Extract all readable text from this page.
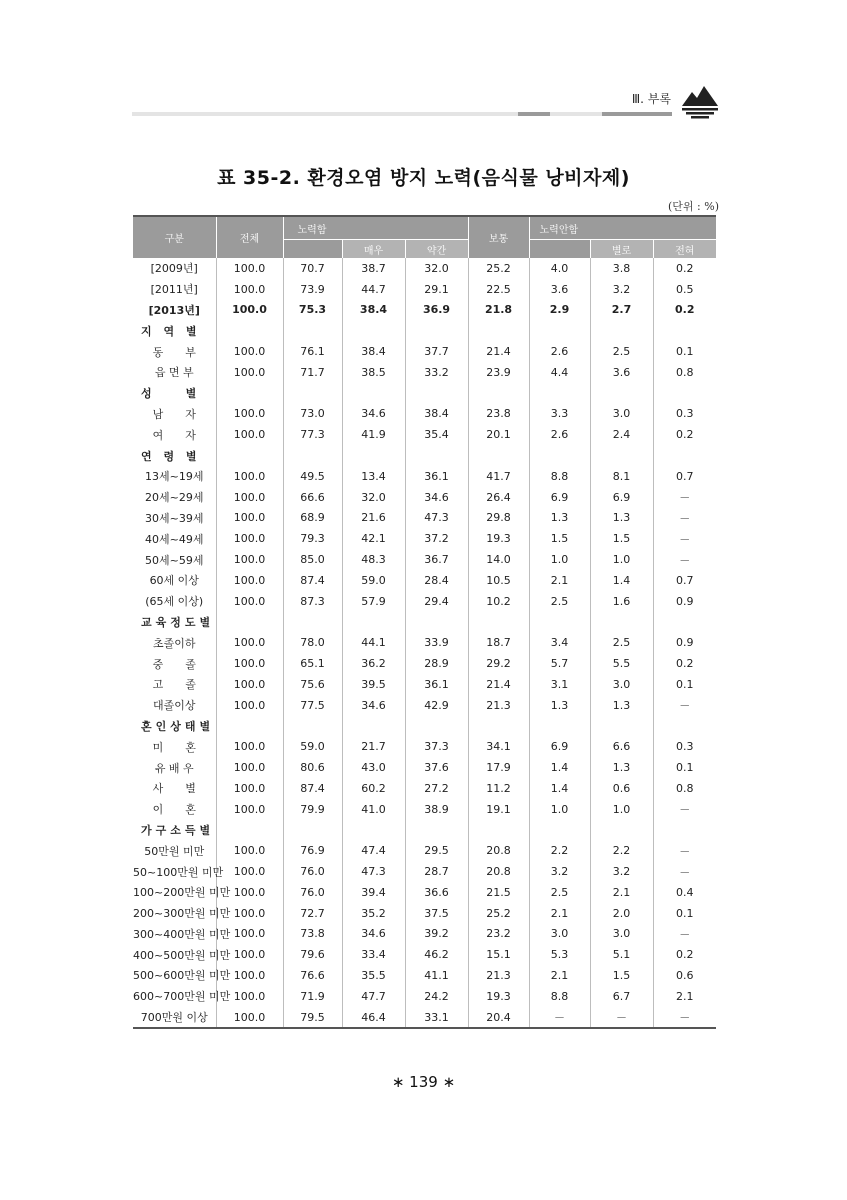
Ⅲ. 부록
표 35-2. 환경오염 방지 노력(음식물 낭비자제)
(단위 : %)
구분	전체	노력함			보통	노력안함		
			매우	약간			별로	전혀
[2009년]	100.0	70.7	38.7	32.0	25.2	4.0	3.8	0.2
[2011년]	100.0	73.9	44.7	29.1	22.5	3.6	3.2	0.5
[2013년]	100.0	75.3	38.4	36.9	21.8	2.9	2.7	0.2
지 역 별								
동　　부	100.0	76.1	38.4	37.7	21.4	2.6	2.5	0.1
읍 면 부	100.0	71.7	38.5	33.2	23.9	4.4	3.6	0.8
성　　별								
남　　자	100.0	73.0	34.6	38.4	23.8	3.3	3.0	0.3
여　　자	100.0	77.3	41.9	35.4	20.1	2.6	2.4	0.2
연 령 별								
13세~19세	100.0	49.5	13.4	36.1	41.7	8.8	8.1	0.7
20세~29세	100.0	66.6	32.0	34.6	26.4	6.9	6.9	－
30세~39세	100.0	68.9	21.6	47.3	29.8	1.3	1.3	－
40세~49세	100.0	79.3	42.1	37.2	19.3	1.5	1.5	－
50세~59세	100.0	85.0	48.3	36.7	14.0	1.0	1.0	－
60세 이상	100.0	87.4	59.0	28.4	10.5	2.1	1.4	0.7
(65세 이상)	100.0	87.3	57.9	29.4	10.2	2.5	1.6	0.9
교육정도별								
초졸이하	100.0	78.0	44.1	33.9	18.7	3.4	2.5	0.9
중　　졸	100.0	65.1	36.2	28.9	29.2	5.7	5.5	0.2
고　　졸	100.0	75.6	39.5	36.1	21.4	3.1	3.0	0.1
대졸이상	100.0	77.5	34.6	42.9	21.3	1.3	1.3	－
혼인상태별								
미　　혼	100.0	59.0	21.7	37.3	34.1	6.9	6.6	0.3
유 배 우	100.0	80.6	43.0	37.6	17.9	1.4	1.3	0.1
사　　별	100.0	87.4	60.2	27.2	11.2	1.4	0.6	0.8
이　　혼	100.0	79.9	41.0	38.9	19.1	1.0	1.0	－
가구소득별								
50만원 미만	100.0	76.9	47.4	29.5	20.8	2.2	2.2	－
50~100만원 미만	100.0	76.0	47.3	28.7	20.8	3.2	3.2	－
100~200만원 미만	100.0	76.0	39.4	36.6	21.5	2.5	2.1	0.4
200~300만원 미만	100.0	72.7	35.2	37.5	25.2	2.1	2.0	0.1
300~400만원 미만	100.0	73.8	34.6	39.2	23.2	3.0	3.0	－
400~500만원 미만	100.0	79.6	33.4	46.2	15.1	5.3	5.1	0.2
500~600만원 미만	100.0	76.6	35.5	41.1	21.3	2.1	1.5	0.6
600~700만원 미만	100.0	71.9	47.7	24.2	19.3	8.8	6.7	2.1
700만원 이상	100.0	79.5	46.4	33.1	20.4	－	－	－
∗ 139 ∗
